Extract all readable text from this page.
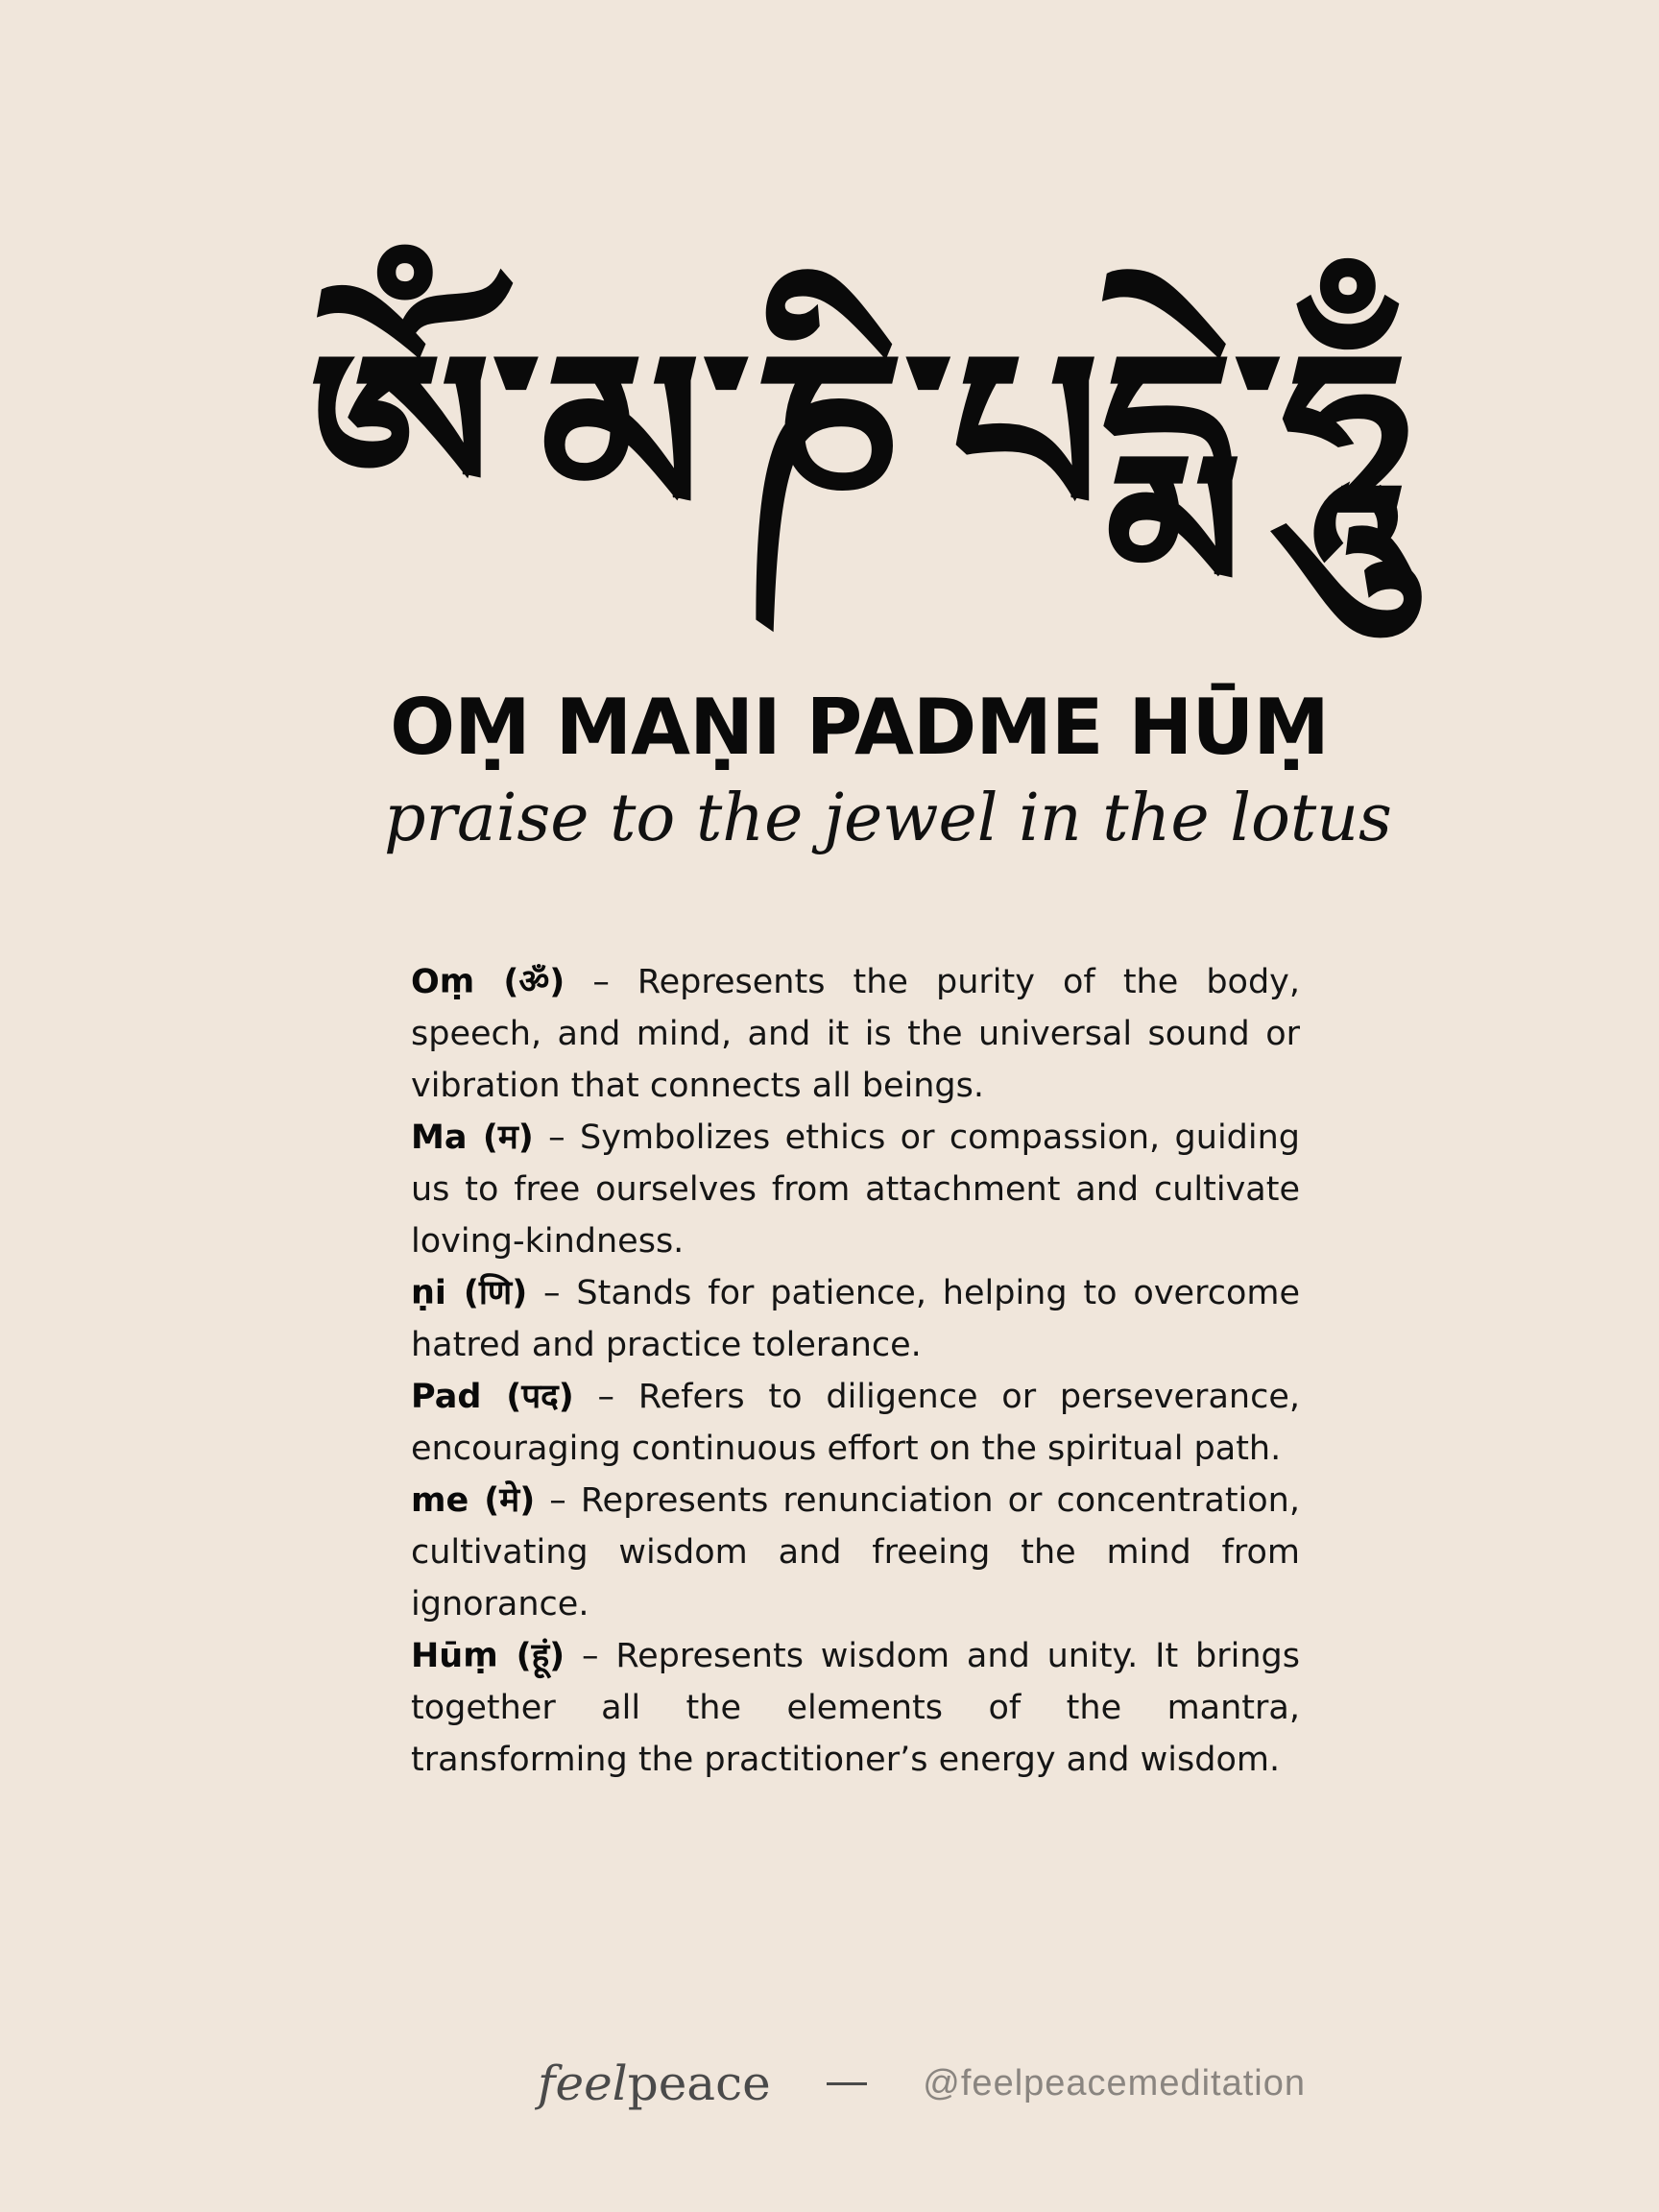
ཨོཾ་མ་ཎི་པདྨེ་ཧཱུྃ
OṂ MAṆI PADME HŪṂ
praise to the jewel in the lotus

Oṃ (ॐ) – Represents the purity of the body, speech, and mind, and it is the universal sound or vibration that connects all beings.

Ma (म) – Symbolizes ethics or compassion, guiding us to free ourselves from attachment and cultivate loving-kindness.

ṇi (णि) – Stands for patience, helping to overcome hatred and practice tolerance.

Pad (पद) – Refers to diligence or perseverance, encouraging continuous effort on the spiritual path.

me (मे) – Represents renunciation or concentration, cultivating wisdom and freeing the mind from ignorance.

Hūṃ (हूं) – Represents wisdom and unity. It brings together all the elements of the mantra, transforming the practitioner’s energy and wisdom.

feelpeace	@feelpeacemeditation
